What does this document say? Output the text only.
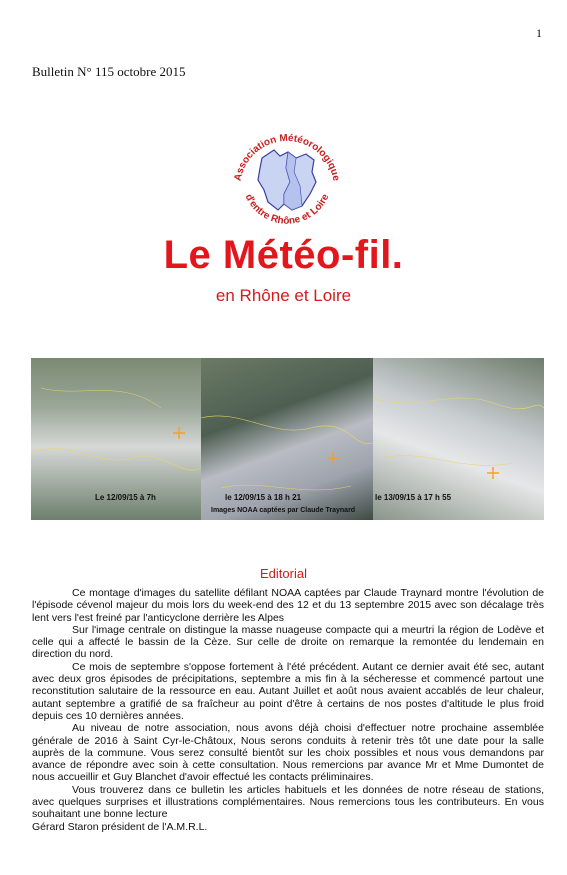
1
Bulletin N° 115 octobre 2015
Association Météorologique
d'entre Rhône et Loire
Le Météo-fil.
en Rhône et Loire
Le 12/09/15 à 7h	le 12/09/15 à 18 h 21	le 13/09/15 à 17 h 55
Images NOAA captées par Claude Traynard
Editorial

Ce montage d'images du satellite défilant NOAA captées par Claude Traynard montre l'évolution de l'épisode cévenol majeur du mois lors du week-end des 12 et du 13 septembre 2015 avec son décalage très lent vers l'est freiné par l'anticyclone derrière les Alpes

Sur l'image centrale on distingue la masse nuageuse compacte qui a meurtri la région de Lodève et celle qui a affecté le bassin de la Cèze. Sur celle de droite on remarque la remontée du lendemain en direction du nord.

Ce mois de septembre s'oppose fortement à l'été précédent. Autant ce dernier avait été sec, autant avec deux gros épisodes de précipitations, septembre a mis fin à la sécheresse et commencé partout une reconstitution salutaire de la ressource en eau. Autant Juillet et août nous avaient accablés de leur chaleur, autant septembre a gratifié de sa fraîcheur au point d'être à certains de nos postes d'altitude le plus froid depuis ces 10 dernières années.

Au niveau de notre association, nous avons déjà choisi d'effectuer notre prochaine assemblée générale de 2016 à Saint Cyr-le-Châtoux, Nous serons conduits à retenir très tôt une date pour la salle auprès de la commune. Vous serez consulté bientôt sur les choix possibles et nous vous demandons par avance de répondre avec soin à cette consultation. Nous remercions par avance Mr et Mme Dumontet de nous accueillir et Guy Blanchet d'avoir effectué les contacts préliminaires.

Vous trouverez dans ce bulletin les articles habituels et les données de notre réseau de stations, avec quelques surprises et illustrations complémentaires. Nous remercions tous les contributeurs. En vous souhaitant une bonne lecture

Gérard Staron président de l'A.M.R.L.
